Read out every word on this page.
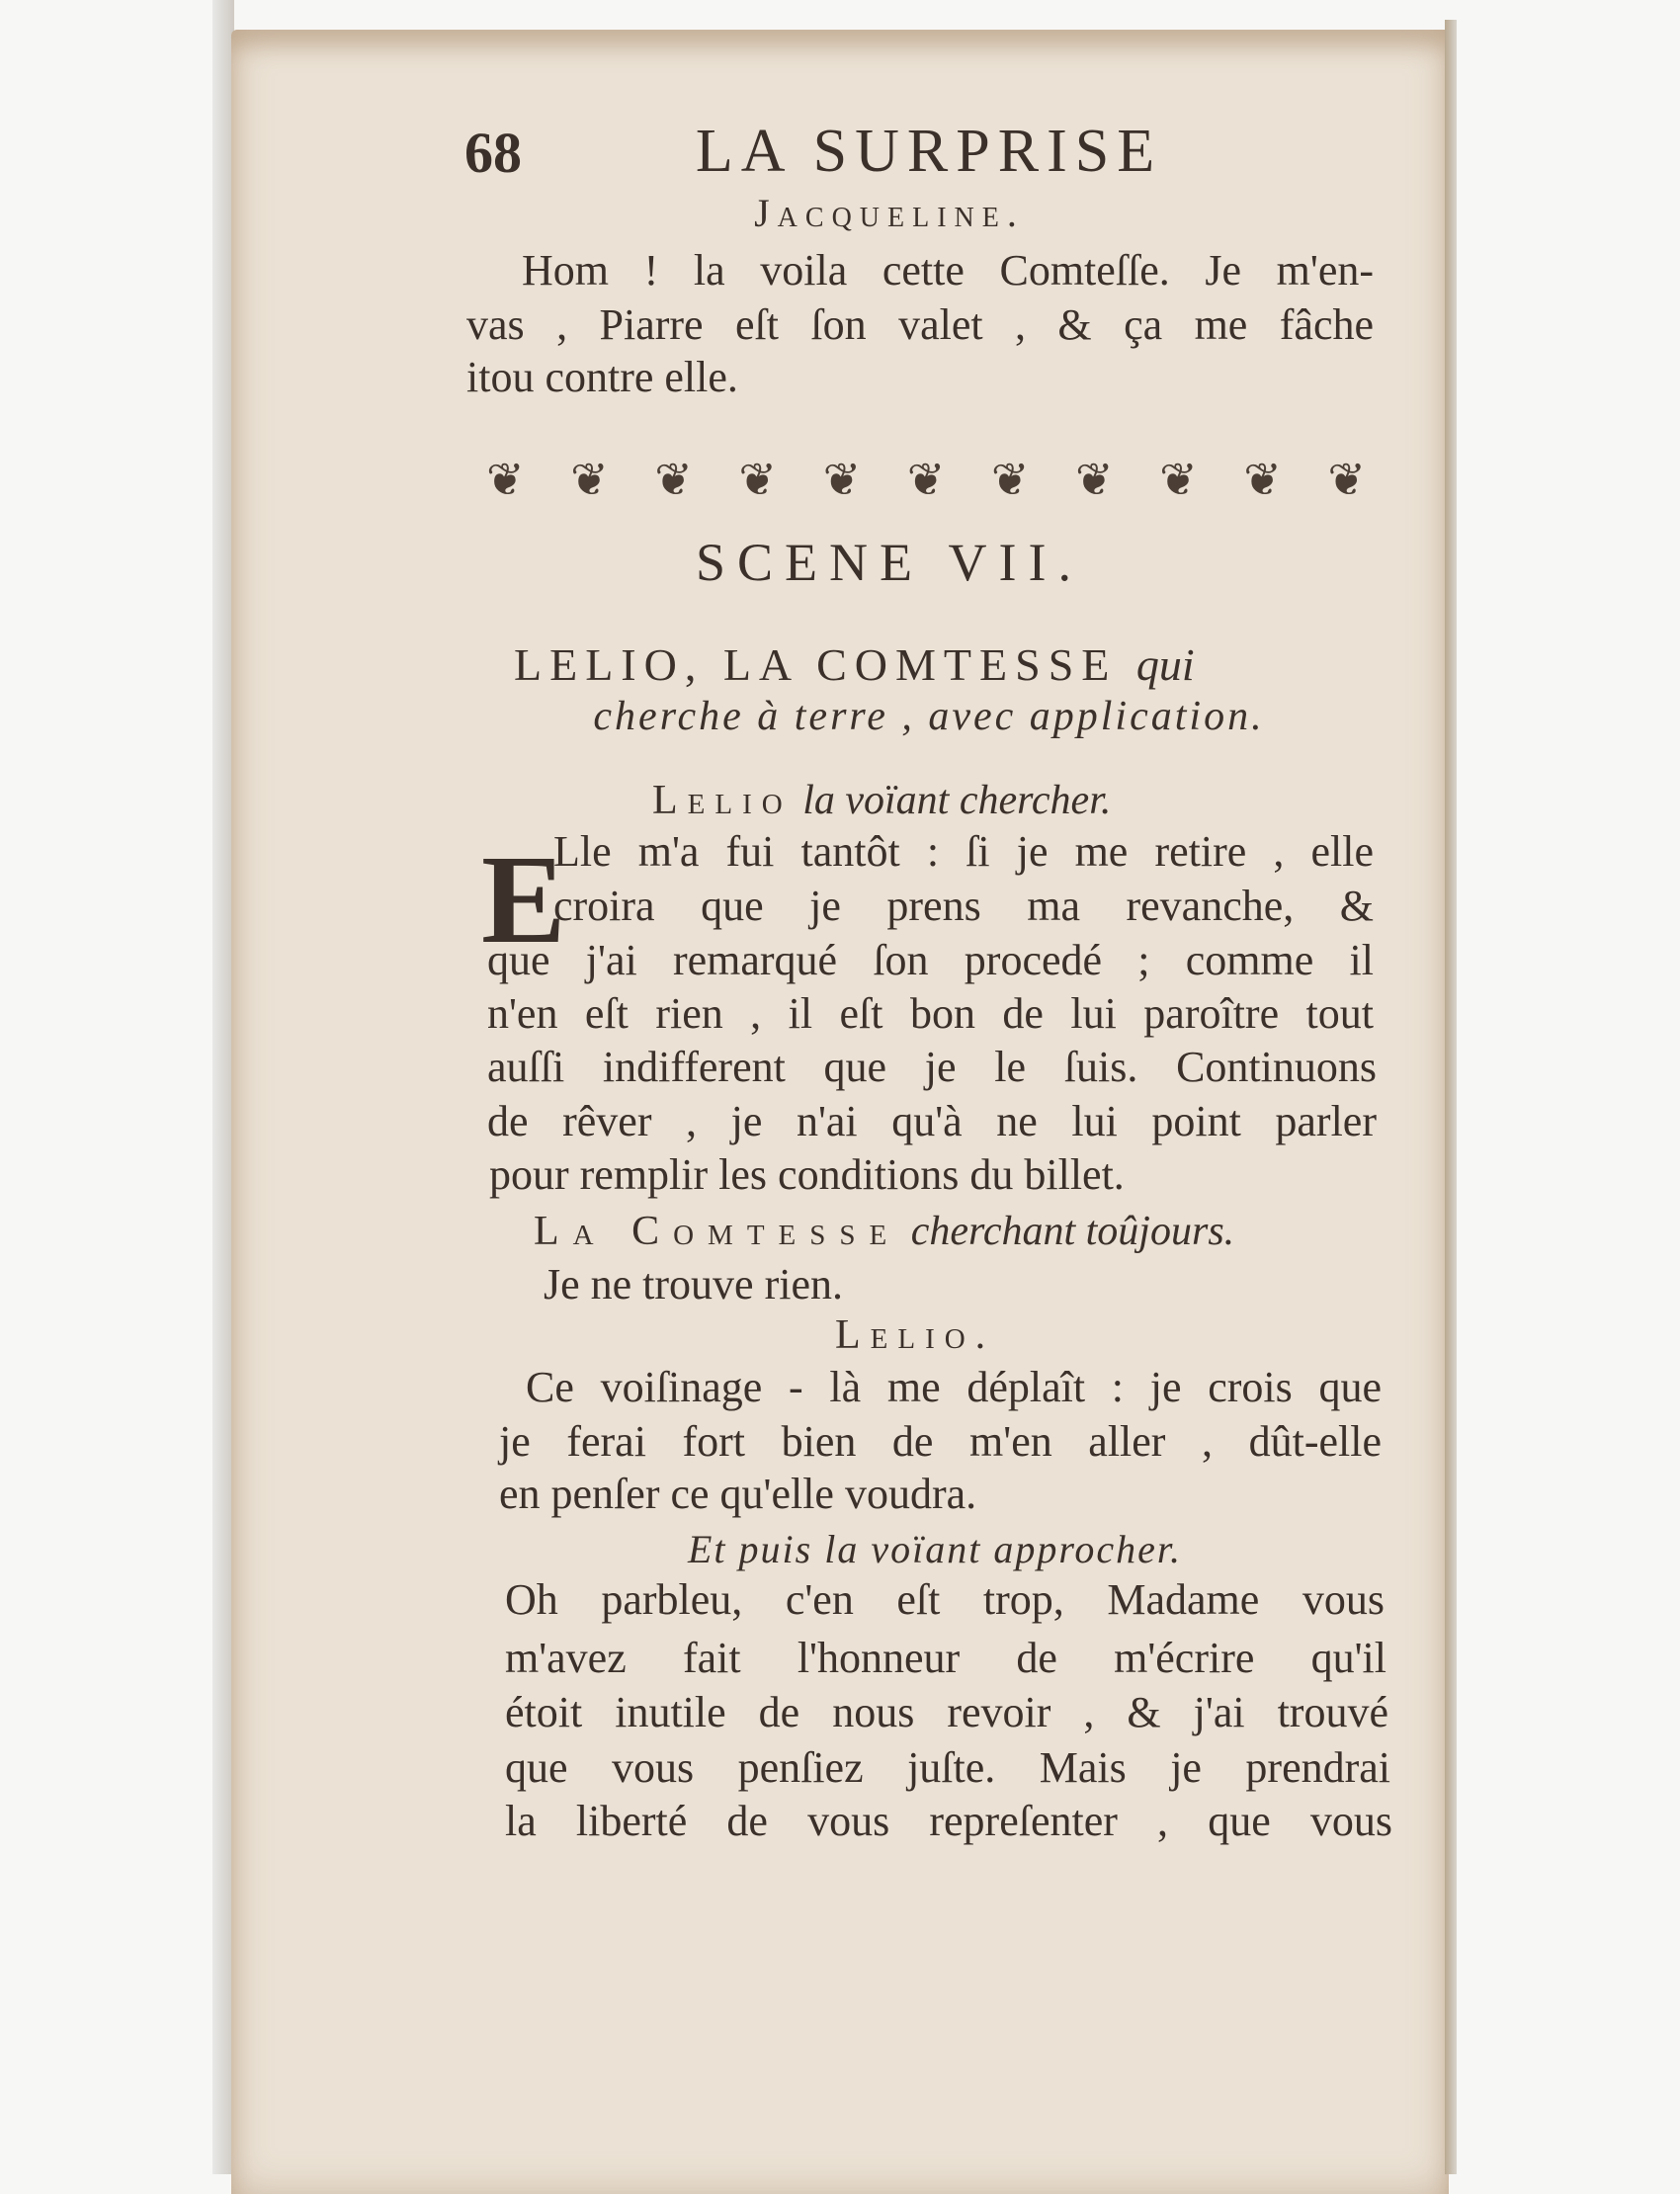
68	LA SURPRISE
Jacqueline.
Hom ! la voila cette Comteſſe. Je m'en-
vas , Piarre eſt ſon valet , & ça me fâche
itou contre elle.
❦ ❦ ❦ ❦ ❦ ❦ ❦ ❦ ❦ ❦ ❦
SCENE VII.
LELIO, LA COMTESSE qui
cherche à terre , avec application.
Lelio la voïant chercher.
E
Lle m'a fui tantôt : ſi je me retire , elle
croira que je prens ma revanche, &
que j'ai remarqué ſon procedé ; comme il
n'en eſt rien , il eſt bon de lui paroître tout
auſſi indifferent que je le ſuis. Continuons
de rêver , je n'ai qu'à ne lui point parler
pour remplir les conditions du billet.
La Comtesse cherchant toûjours.
Je ne trouve rien.
Lelio.
Ce voiſinage - là me déplaît : je crois que
je ferai fort bien de m'en aller , dût-elle
en penſer ce qu'elle voudra.
Et puis la voïant approcher.
Oh parbleu, c'en eſt trop, Madame vous
m'avez fait l'honneur de m'écrire qu'il
étoit inutile de nous revoir , & j'ai trouvé
que vous penſiez juſte. Mais je prendrai
la liberté de vous repreſenter , que vous
